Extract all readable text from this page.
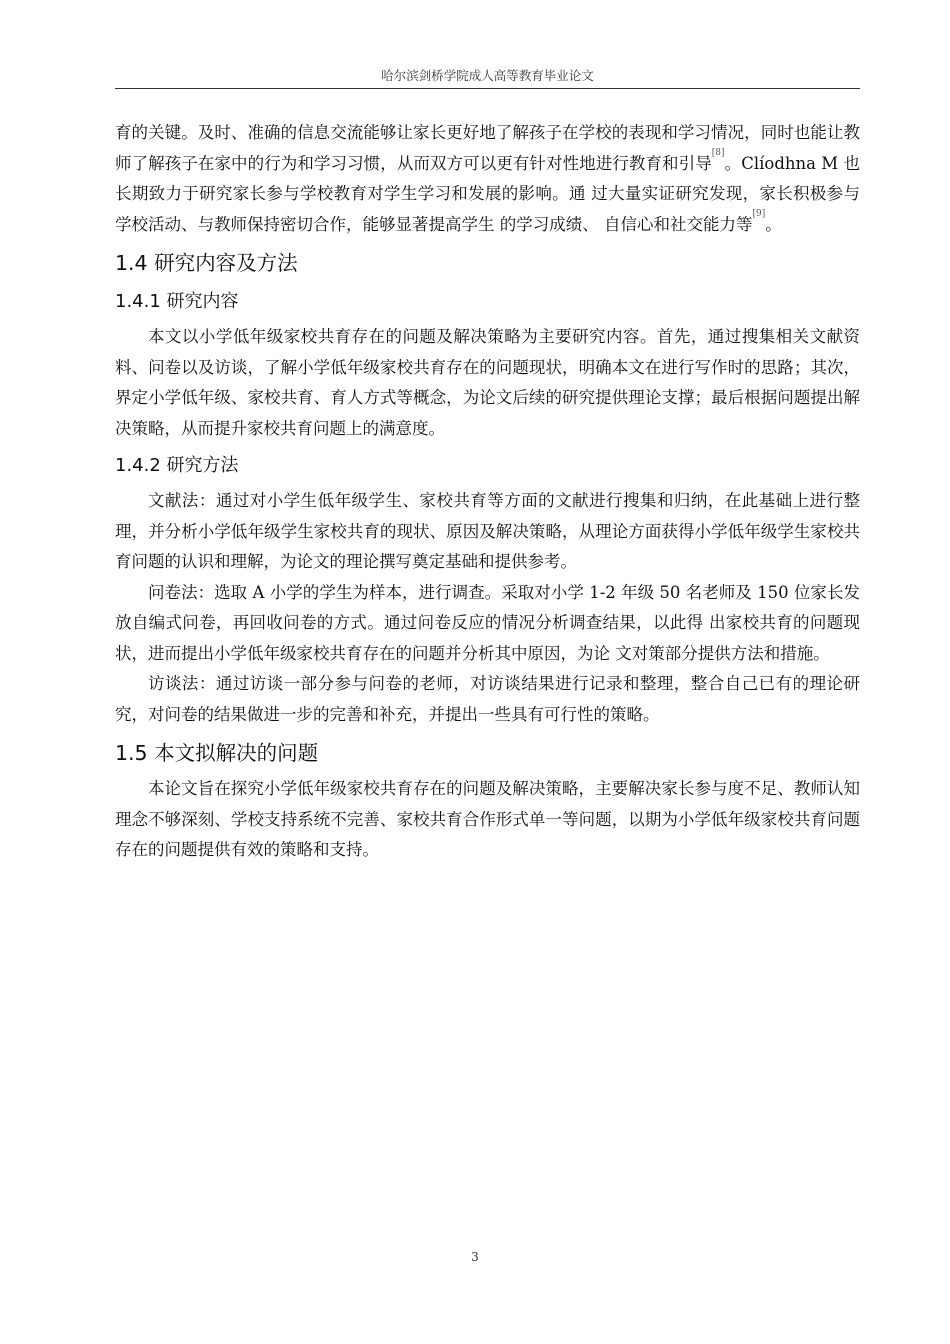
哈尔滨剑桥学院成人高等教育毕业论文

育的关键。及时、准确的信息交流能够让家长更好地了解孩子在学校的表现和学习情况，同时也能让教师了解孩子在家中的行为和学习习惯，从而双方可以更有针对性地进行教育和引导[8]。Clíodhna M 也长期致力于研究家长参与学校教育对学生学习和发展的影响。通 过大量实证研究发现，家长积极参与学校活动、与教师保持密切合作，能够显著提高学生 的学习成绩、 自信心和社交能力等[9]。

1.4 研究内容及方法
1.4.1 研究内容

本文以小学低年级家校共育存在的问题及解决策略为主要研究内容。首先，通过搜集相关文献资料、问卷以及访谈，了解小学低年级家校共育存在的问题现状，明确本文在进行写作时的思路；其次，界定小学低年级、家校共育、育人方式等概念，为论文后续的研究提供理论支撑；最后根据问题提出解决策略，从而提升家校共育问题上的满意度。

1.4.2 研究方法

文献法：通过对小学生低年级学生、家校共育等方面的文献进行搜集和归纳，在此基础上进行整理，并分析小学低年级学生家校共育的现状、原因及解决策略，从理论方面获得小学低年级学生家校共育问题的认识和理解，为论文的理论撰写奠定基础和提供参考。

问卷法：选取 A 小学的学生为样本，进行调查。采取对小学 1-2 年级 50 名老师及 150 位家长发放自编式问卷，再回收问卷的方式。通过问卷反应的情况分析调查结果，以此得 出家校共育的问题现状，进而提出小学低年级家校共育存在的问题并分析其中原因，为论 文对策部分提供方法和措施。

访谈法：通过访谈一部分参与问卷的老师，对访谈结果进行记录和整理，整合自己已有的理论研究，对问卷的结果做进一步的完善和补充，并提出一些具有可行性的策略。

1.5 本文拟解决的问题

本论文旨在探究小学低年级家校共育存在的问题及解决策略，主要解决家长参与度不足、教师认知理念不够深刻、学校支持系统不完善、家校共育合作形式单一等问题，以期为小学低年级家校共育问题存在的问题提供有效的策略和支持。

3
